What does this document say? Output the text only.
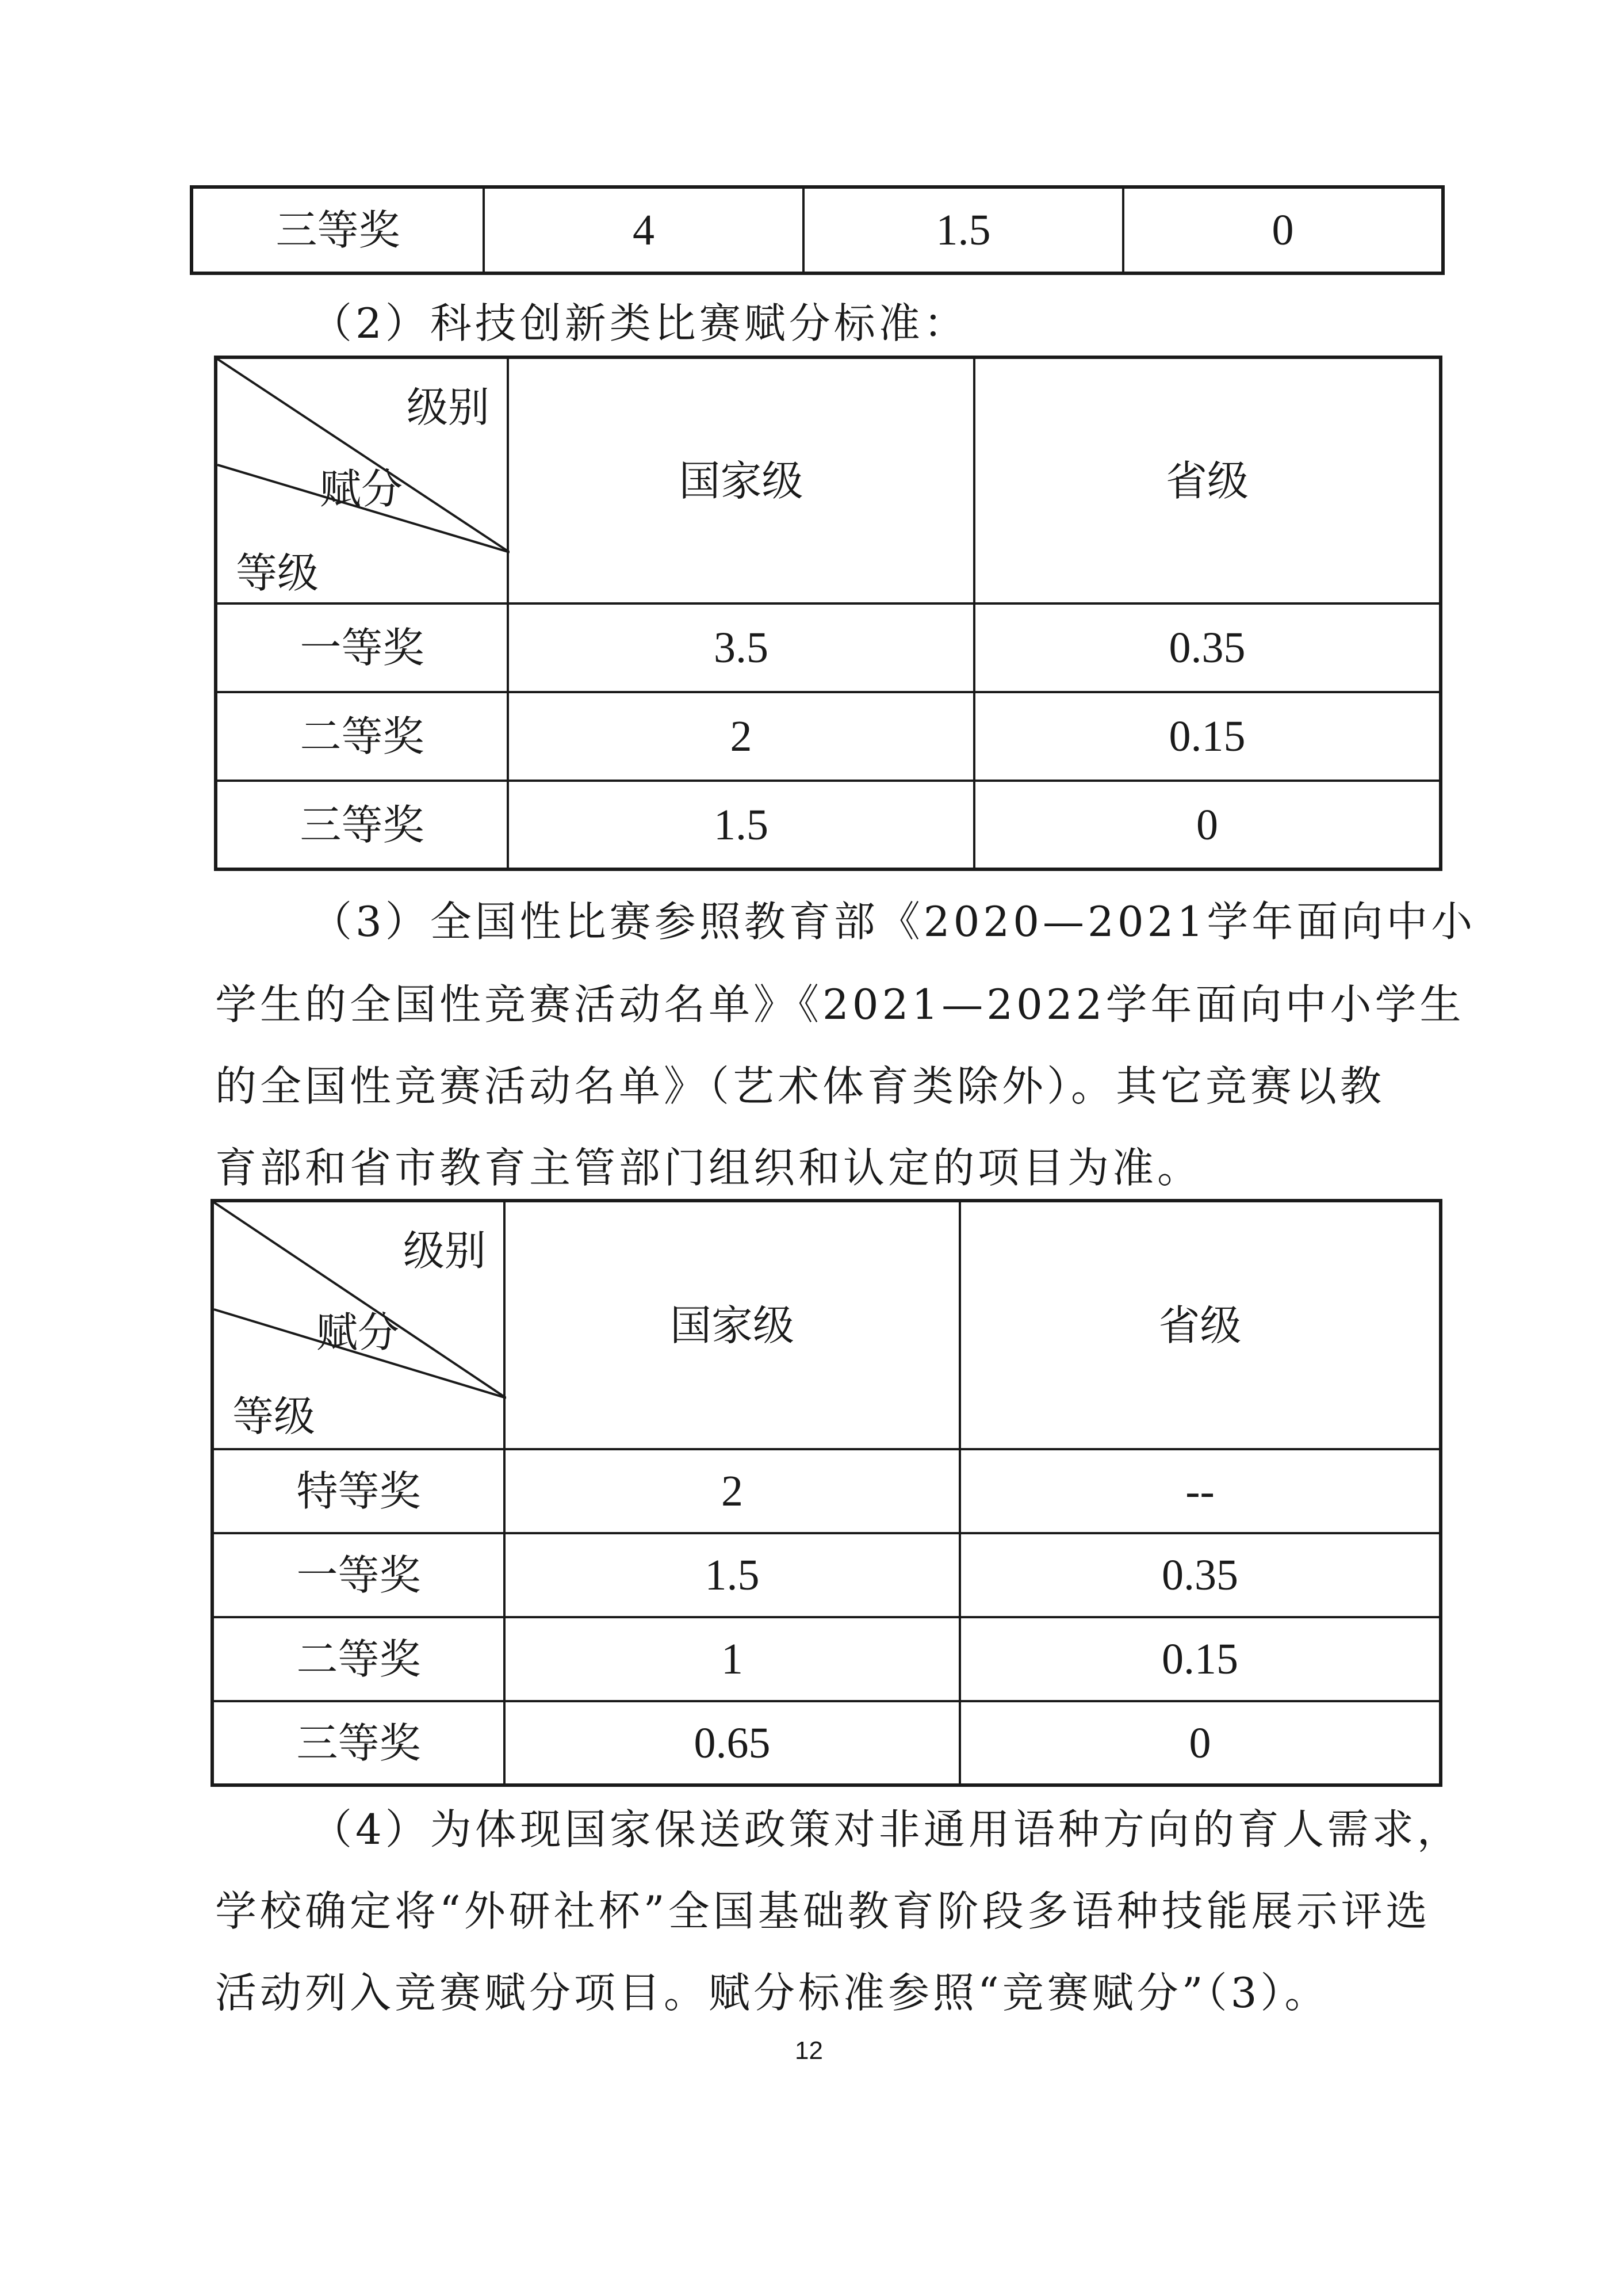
三等奖	4	1.5	0
（2）科技创新类比赛赋分标准：
级别
赋分
等级	国家级	省级
一等奖	3.5	0.35
二等奖	2	0.15
三等奖	1.5	0
（3）全国性比赛参照教育部《2020—2021学年面向中小
学生的全国性竞赛活动名单》《2021—2022学年面向中小学生
的全国性竞赛活动名单》（艺术体育类除外）。其它竞赛以教
育部和省市教育主管部门组织和认定的项目为准。
级别
赋分
等级	国家级	省级
特等奖	2	--
一等奖	1.5	0.35
二等奖	1	0.15
三等奖	0.65	0
（4）为体现国家保送政策对非通用语种方向的育人需求，
学校确定将“外研社杯”全国基础教育阶段多语种技能展示评选
活动列入竞赛赋分项目。赋分标准参照“竞赛赋分”（3）。
12
